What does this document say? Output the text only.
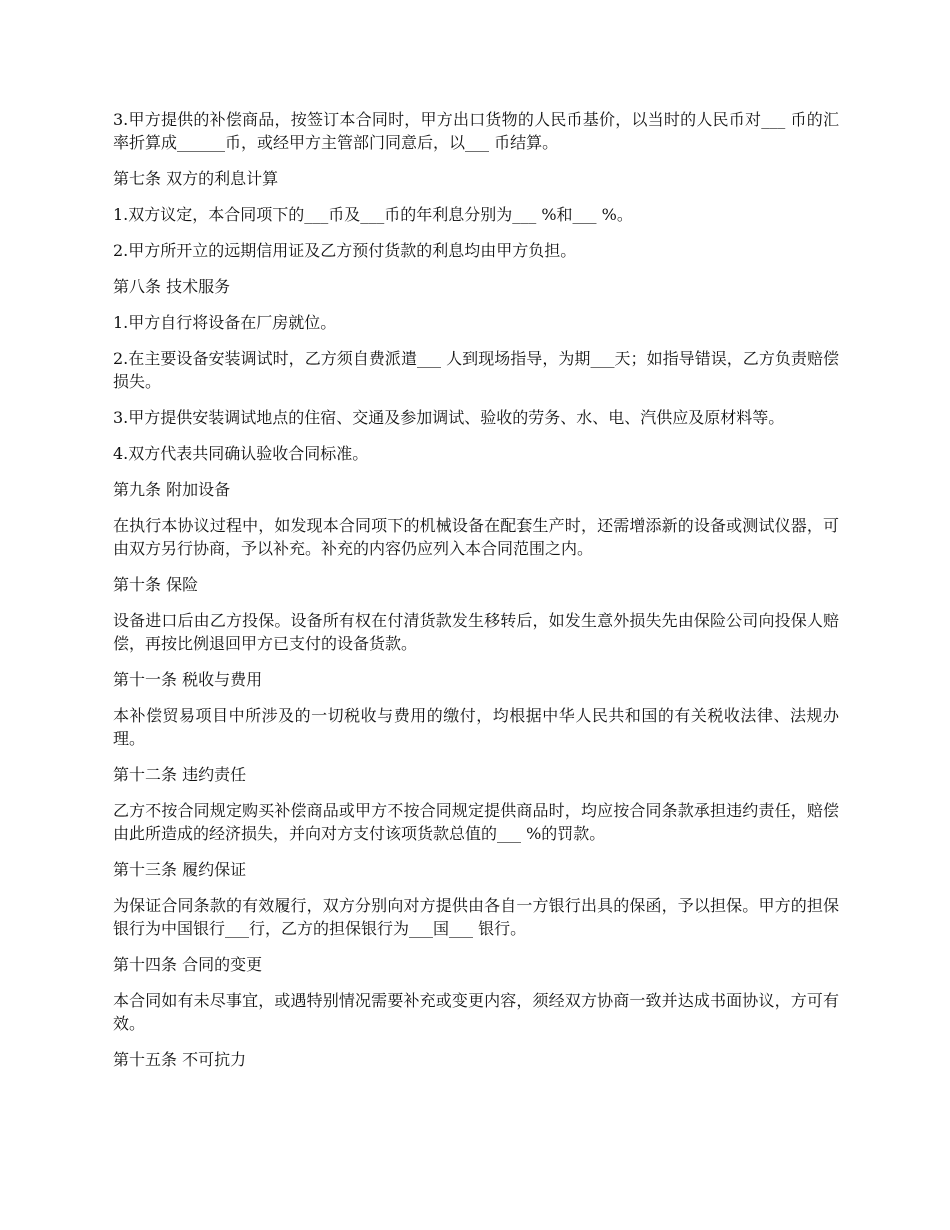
3.甲方提供的补偿商品，按签订本合同时，甲方出口货物的人民币基价，以当时的人民币对___ 币的汇率折算成______币，或经甲方主管部门同意后，以___ 币结算。

第七条 双方的利息计算

1.双方议定，本合同项下的___币及___币的年利息分别为___ %和___ %。

2.甲方所开立的远期信用证及乙方预付货款的利息均由甲方负担。

第八条 技术服务

1.甲方自行将设备在厂房就位。

2.在主要设备安装调试时，乙方须自费派遣___ 人到现场指导，为期___天；如指导错误，乙方负责赔偿损失。

3.甲方提供安装调试地点的住宿、交通及参加调试、验收的劳务、水、电、汽供应及原材料等。

4.双方代表共同确认验收合同标准。

第九条 附加设备

在执行本协议过程中，如发现本合同项下的机械设备在配套生产时，还需增添新的设备或测试仪器，可由双方另行协商，予以补充。补充的内容仍应列入本合同范围之内。

第十条 保险

设备进口后由乙方投保。设备所有权在付清货款发生移转后，如发生意外损失先由保险公司向投保人赔偿，再按比例退回甲方已支付的设备货款。

第十一条 税收与费用

本补偿贸易项目中所涉及的一切税收与费用的缴付，均根据中华人民共和国的有关税收法律、法规办理。

第十二条 违约责任

乙方不按合同规定购买补偿商品或甲方不按合同规定提供商品时，均应按合同条款承担违约责任，赔偿由此所造成的经济损失，并向对方支付该项货款总值的___ %的罚款。

第十三条 履约保证

为保证合同条款的有效履行，双方分别向对方提供由各自一方银行出具的保函，予以担保。甲方的担保银行为中国银行___行，乙方的担保银行为___国___ 银行。

第十四条 合同的变更

本合同如有未尽事宜，或遇特别情况需要补充或变更内容，须经双方协商一致并达成书面协议，方可有效。

第十五条 不可抗力
